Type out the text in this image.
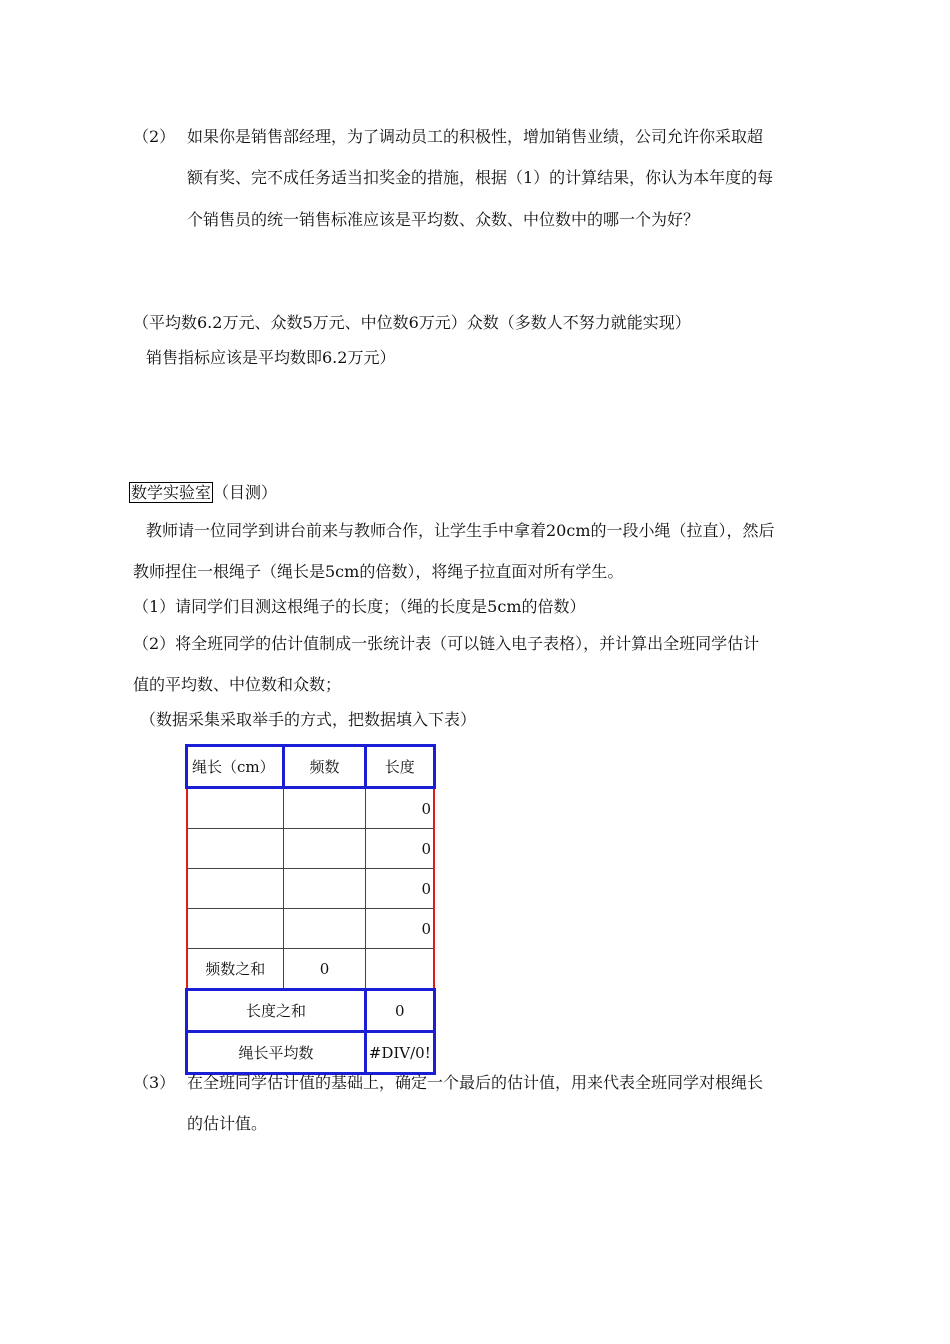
（2） 如果你是销售部经理，为了调动员工的积极性，增加销售业绩，公司允许你采取超
额有奖、完不成任务适当扣奖金的措施，根据（1）的计算结果，你认为本年度的每
个销售员的统一销售标准应该是平均数、众数、中位数中的哪一个为好？
（平均数6.2万元、众数5万元、中位数6万元）众数（多数人不努力就能实现）
销售指标应该是平均数即6.2万元）
数学实验室 （目测）
教师请一位同学到讲台前来与教师合作，让学生手中拿着20cm的一段小绳（拉直），然后
教师捏住一根绳子（绳长是5cm的倍数），将绳子拉直面对所有学生。
（1）请同学们目测这根绳子的长度；（绳的长度是5cm的倍数）
（2）将全班同学的估计值制成一张统计表（可以链入电子表格），并计算出全班同学估计
值的平均数、中位数和众数；
（数据采集采取举手的方式，把数据填入下表）
绳长（cm）	频数	长度
		0
		0
		0
		0
频数之和	0	
长度之和		0
绳长平均数		#DIV/0!
（3） 在全班同学估计值的基础上，确定一个最后的估计值，用来代表全班同学对根绳长
的估计值。
